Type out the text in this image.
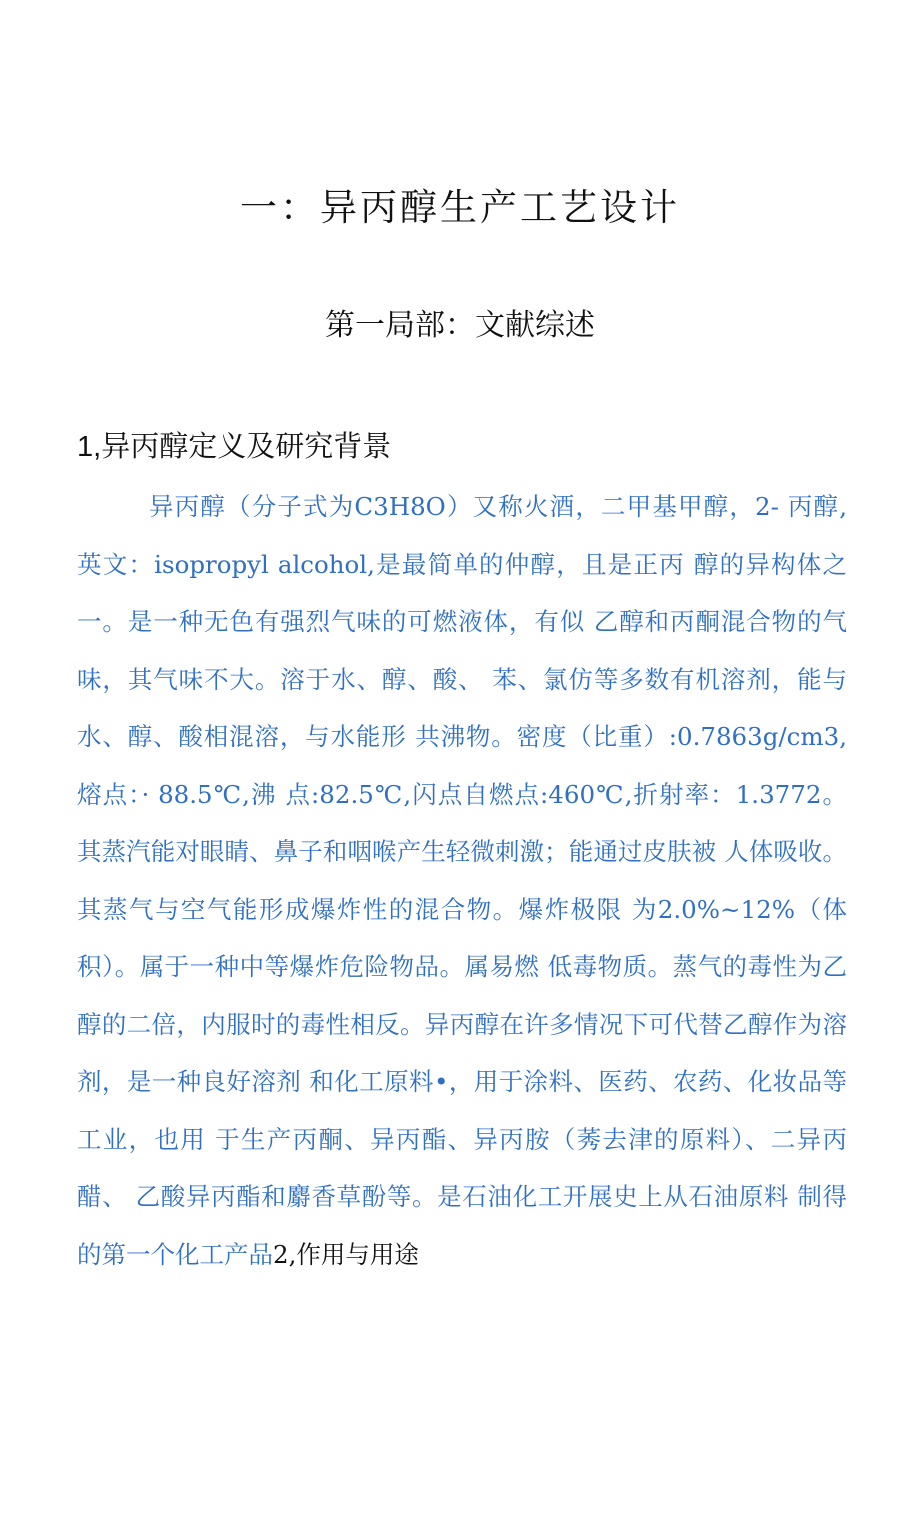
一：异丙醇生产工艺设计
第一局部：文献综述
1,异丙醇定义及研究背景

异丙醇（分子式为C3H8O）又称火酒，二甲基甲醇，2- 丙醇, 英文：isopropyl alcohol,是最简单的仲醇，且是正丙 醇的异构体之一。是一种无色有强烈气味的可燃液体，有似 乙醇和丙酮混合物的气味，其气味不大。溶于水、醇、酸、 苯、氯仿等多数有机溶剂，能与水、醇、酸相混溶，与水能形 共沸物。密度（比重）:0.7863g/cm3,熔点：· 88.5℃,沸 点:82.5℃,闪点自燃点:460℃,折射率：1.3772。 其蒸汽能对眼睛、鼻子和咽喉产生轻微刺激；能通过皮肤被 人体吸收。其蒸气与空气能形成爆炸性的混合物。爆炸极限 为2.0%~12%（体积）。属于一种中等爆炸危险物品。属易燃 低毒物质。蒸气的毒性为乙醇的二倍，内服时的毒性相反。异丙醇在许多情况下可代替乙醇作为溶剂，是一种良好溶剂 和化工原料•，用于涂料、医药、农药、化妆品等工业，也用 于生产丙酮、异丙酯、异丙胺（莠去津的原料）、二异丙醋、 乙酸异丙酯和麝香草酚等。是石油化工开展史上从石油原料 制得的第一个化工产品2,作用与用途
